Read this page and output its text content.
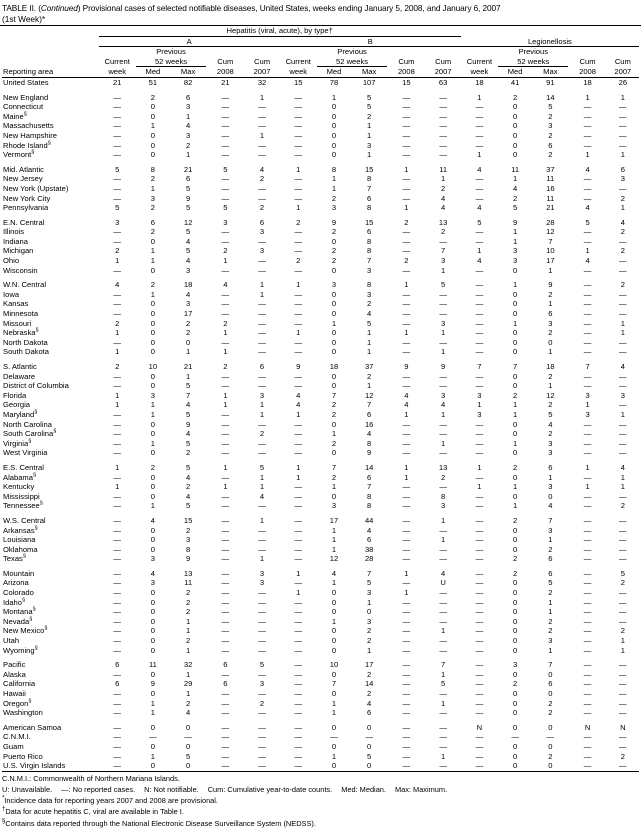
TABLE II. (Continued) Provisional cases of selected notifiable diseases, United States, weeks ending January 5, 2008, and January 6, 2007
(1st Week)*
	Hepatitis (viral, acute), by type†														
	A					B					Legionellosis				
		Previous					Previous					Previous			
	Current	52 weeks		Cum	Cum	Current	52 weeks		Cum	Cum	Current	52 weeks		Cum	Cum
Reporting area	week	Med	Max	2008	2007	week	Med	Max	2008	2007	week	Med	Max	2008	2007
United States	21	51	82	21	32	15	78	107	15	63	18	41	91	18	26

New England	—	2	6	—	1	—	1	5	—	—	1	2	14	1	1
Connecticut	—	0	3	—	—	—	0	5	—	—	—	0	5	—	—
Maine§	—	0	1	—	—	—	0	2	—	—	—	0	2	—	—
Massachusetts	—	1	4	—	—	—	0	1	—	—	—	0	3	—	—
New Hampshire	—	0	3	—	1	—	0	1	—	—	—	0	2	—	—
Rhode Island§	—	0	2	—	—	—	0	3	—	—	—	0	6	—	—
Vermont§	—	0	1	—	—	—	0	1	—	—	1	0	2	1	1

Mid. Atlantic	5	8	21	5	4	1	8	15	1	11	4	11	37	4	6
New Jersey	—	2	6	—	2	—	1	8	—	1	—	1	11	—	3
New York (Upstate)	—	1	5	—	—	—	1	7	—	2	—	4	16	—	—
New York City	—	3	9	—	—	—	2	6	—	4	—	2	11	—	2
Pennsylvania	5	2	5	5	2	1	3	8	1	4	4	5	21	4	1

E.N. Central	3	6	12	3	6	2	9	15	2	13	5	9	28	5	4
Illinois	—	2	5	—	3	—	2	6	—	2	—	1	12	—	2
Indiana	—	0	4	—	—	—	0	8	—	—	—	1	7	—	—
Michigan	2	1	5	2	3	—	2	8	—	7	1	3	10	1	2
Ohio	1	1	4	1	—	2	2	7	2	3	4	3	17	4	—
Wisconsin	—	0	3	—	—	—	0	3	—	1	—	0	1	—	—

W.N. Central	4	2	18	4	1	1	3	8	1	5	—	1	9	—	2
Iowa	—	1	4	—	1	—	0	3	—	—	—	0	2	—	—
Kansas	—	0	3	—	—	—	0	2	—	—	—	0	1	—	—
Minnesota	—	0	17	—	—	—	0	4	—	—	—	0	6	—	—
Missouri	2	0	2	2	—	—	1	5	—	3	—	1	3	—	1
Nebraska§	1	0	2	1	—	1	0	1	1	1	—	0	2	—	1
North Dakota	—	0	0	—	—	—	0	1	—	—	—	0	0	—	—
South Dakota	1	0	1	1	—	—	0	1	—	1	—	0	1	—	—

S. Atlantic	2	10	21	2	6	9	18	37	9	9	7	7	18	7	4
Delaware	—	0	1	—	—	—	0	2	—	—	—	0	2	—	—
District of Columbia	—	0	5	—	—	—	0	1	—	—	—	0	1	—	—
Florida	1	3	7	1	3	4	7	12	4	3	3	2	12	3	3
Georgia	1	1	4	1	1	4	2	7	4	4	1	1	2	1	—
Maryland§	—	1	5	—	1	1	2	6	1	1	3	1	5	3	1
North Carolina	—	0	9	—	—	—	0	16	—	—	—	0	4	—	—
South Carolina§	—	0	4	—	2	—	1	4	—	—	—	0	2	—	—
Virginia§	—	1	5	—	—	—	2	8	—	1	—	1	3	—	—
West Virginia	—	0	2	—	—	—	0	9	—	—	—	0	3	—	—

E.S. Central	1	2	5	1	5	1	7	14	1	13	1	2	6	1	4
Alabama§	—	0	4	—	1	1	2	6	1	2	—	0	1	—	1
Kentucky	1	0	2	1	1	—	1	7	—	—	1	1	3	1	1
Mississippi	—	0	4	—	4	—	0	8	—	8	—	0	0	—	—
Tennessee§	—	1	5	—	—	—	3	8	—	3	—	1	4	—	2

W.S. Central	—	4	15	—	1	—	17	44	—	1	—	2	7	—	—
Arkansas§	—	0	2	—	—	—	1	4	—	—	—	0	3	—	—
Louisiana	—	0	3	—	—	—	1	6	—	1	—	0	1	—	—
Oklahoma	—	0	8	—	—	—	1	38	—	—	—	0	2	—	—
Texas§	—	3	9	—	1	—	12	28	—	—	—	2	6	—	—

Mountain	—	4	13	—	3	1	4	7	1	4	—	2	6	—	5
Arizona	—	3	11	—	3	—	1	5	—	U	—	0	5	—	2
Colorado	—	0	2	—	—	1	0	3	1	—	—	0	2	—	—
Idaho§	—	0	2	—	—	—	0	1	—	—	—	0	1	—	—
Montana§	—	0	2	—	—	—	0	0	—	—	—	0	1	—	—
Nevada§	—	0	1	—	—	—	1	3	—	—	—	0	2	—	—
New Mexico§	—	0	1	—	—	—	0	2	—	1	—	0	2	—	2
Utah	—	0	2	—	—	—	0	2	—	—	—	0	3	—	1
Wyoming§	—	0	1	—	—	—	0	1	—	—	—	0	1	—	1

Pacific	6	11	32	6	5	—	10	17	—	7	—	3	7	—	—
Alaska	—	0	1	—	—	—	0	2	—	1	—	0	0	—	—
California	6	9	29	6	3	—	7	14	—	5	—	2	6	—	—
Hawaii	—	0	1	—	—	—	0	2	—	—	—	0	0	—	—
Oregon§	—	1	2	—	2	—	1	4	—	1	—	0	2	—	—
Washington	—	1	4	—	—	—	1	6	—	—	—	0	2	—	—

American Samoa	—	0	0	—	—	—	0	0	—	—	N	0	0	N	N
C.N.M.I.	—	—	—	—	—	—	—	—	—	—	—	—	—	—	—
Guam	—	0	0	—	—	—	0	0	—	—	—	0	0	—	—
Puerto Rico	—	1	5	—	—	—	1	5	—	1	—	0	2	—	2
U.S. Virgin Islands	—	0	0	—	—	—	0	0	—	—	—	0	0	—	—
C.N.M.I.: Commonwealth of Northern Mariana Islands.
U: Unavailable. —: No reported cases. N: Not notifiable. Cum: Cumulative year-to-date counts. Med: Median. Max: Maximum.
*Incidence data for reporting years 2007 and 2008 are provisional.
†Data for acute hepatitis C, viral are available in Table I.
§Contains data reported through the National Electronic Disease Surveillance System (NEDSS).
